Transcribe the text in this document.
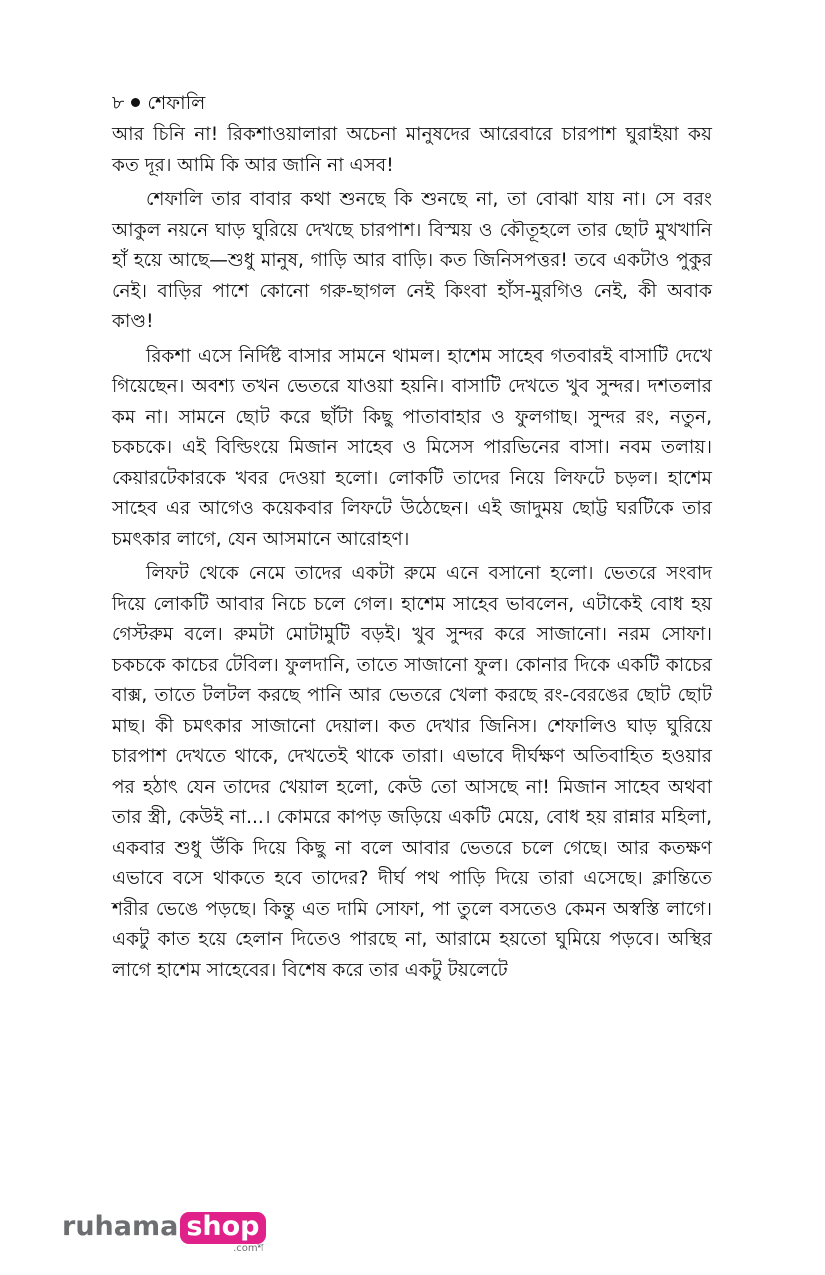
৮ শেফালি

আর চিনি না! রিকশাওয়ালারা অচেনা মানুষদের আরেবারে চারপাশ ঘুরাইয়া কয় কত দূর। আমি কি আর জানি না এসব!

শেফালি তার বাবার কথা শুনছে কি শুনছে না, তা বোঝা যায় না। সে বরং আকুল নয়নে ঘাড় ঘুরিয়ে দেখছে চারপাশ। বিস্ময় ও কৌতূহলে তার ছোট মুখখানি হাঁ হয়ে আছে—শুধু মানুষ, গাড়ি আর বাড়ি। কত জিনিসপত্তর! তবে একটাও পুকুর নেই। বাড়ির পাশে কোনো গরু-ছাগল নেই কিংবা হাঁস-মুরগিও নেই, কী অবাক কাণ্ড!

রিকশা এসে নির্দিষ্ট বাসার সামনে থামল। হাশেম সাহেব গতবারই বাসাটি দেখে গিয়েছেন। অবশ্য তখন ভেতরে যাওয়া হয়নি। বাসাটি দেখতে খুব সুন্দর। দশতলার কম না। সামনে ছোট করে ছাঁটা কিছু পাতাবাহার ও ফুলগাছ। সুন্দর রং, নতুন, চকচকে। এই বিল্ডিংয়ে মিজান সাহেব ও মিসেস পারভিনের বাসা। নবম তলায়। কেয়ারটেকারকে খবর দেওয়া হলো। লোকটি তাদের নিয়ে লিফটে চড়ল। হাশেম সাহেব এর আগেও কয়েকবার লিফটে উঠেছেন। এই জাদুময় ছোট্ট ঘরটিকে তার চমৎকার লাগে, যেন আসমানে আরোহণ।

লিফট থেকে নেমে তাদের একটা রুমে এনে বসানো হলো। ভেতরে সংবাদ দিয়ে লোকটি আবার নিচে চলে গেল। হাশেম সাহেব ভাবলেন, এটাকেই বোধ হয় গেস্টরুম বলে। রুমটা মোটামুটি বড়ই। খুব সুন্দর করে সাজানো। নরম সোফা। চকচকে কাচের টেবিল। ফুলদানি, তাতে সাজানো ফুল। কোনার দিকে একটি কাচের বাক্স, তাতে টলটল করছে পানি আর ভেতরে খেলা করছে রং-বেরঙের ছোট ছোট মাছ। কী চমৎকার সাজানো দেয়াল। কত দেখার জিনিস। শেফালিও ঘাড় ঘুরিয়ে চারপাশ দেখতে থাকে, দেখতেই থাকে তারা। এভাবে দীর্ঘক্ষণ অতিবাহিত হওয়ার পর হঠাৎ যেন তাদের খেয়াল হলো, কেউ তো আসছে না! মিজান সাহেব অথবা তার স্ত্রী, কেউই না...। কোমরে কাপড় জড়িয়ে একটি মেয়ে, বোধ হয় রান্নার মহিলা, একবার শুধু উঁকি দিয়ে কিছু না বলে আবার ভেতরে চলে গেছে। আর কতক্ষণ এভাবে বসে থাকতে হবে তাদের? দীর্ঘ পথ পাড়ি দিয়ে তারা এসেছে। ক্লান্তিতে শরীর ভেঙে পড়ছে। কিন্তু এত দামি সোফা, পা তুলে বসতেও কেমন অস্বস্তি লাগে। একটু কাত হয়ে হেলান দিতেও পারছে না, আরামে হয়তো ঘুমিয়ে পড়বে। অস্থির লাগে হাশেম সাহেবের। বিশেষ করে তার একটু টয়লেটে

ruhama shop
.comশ
